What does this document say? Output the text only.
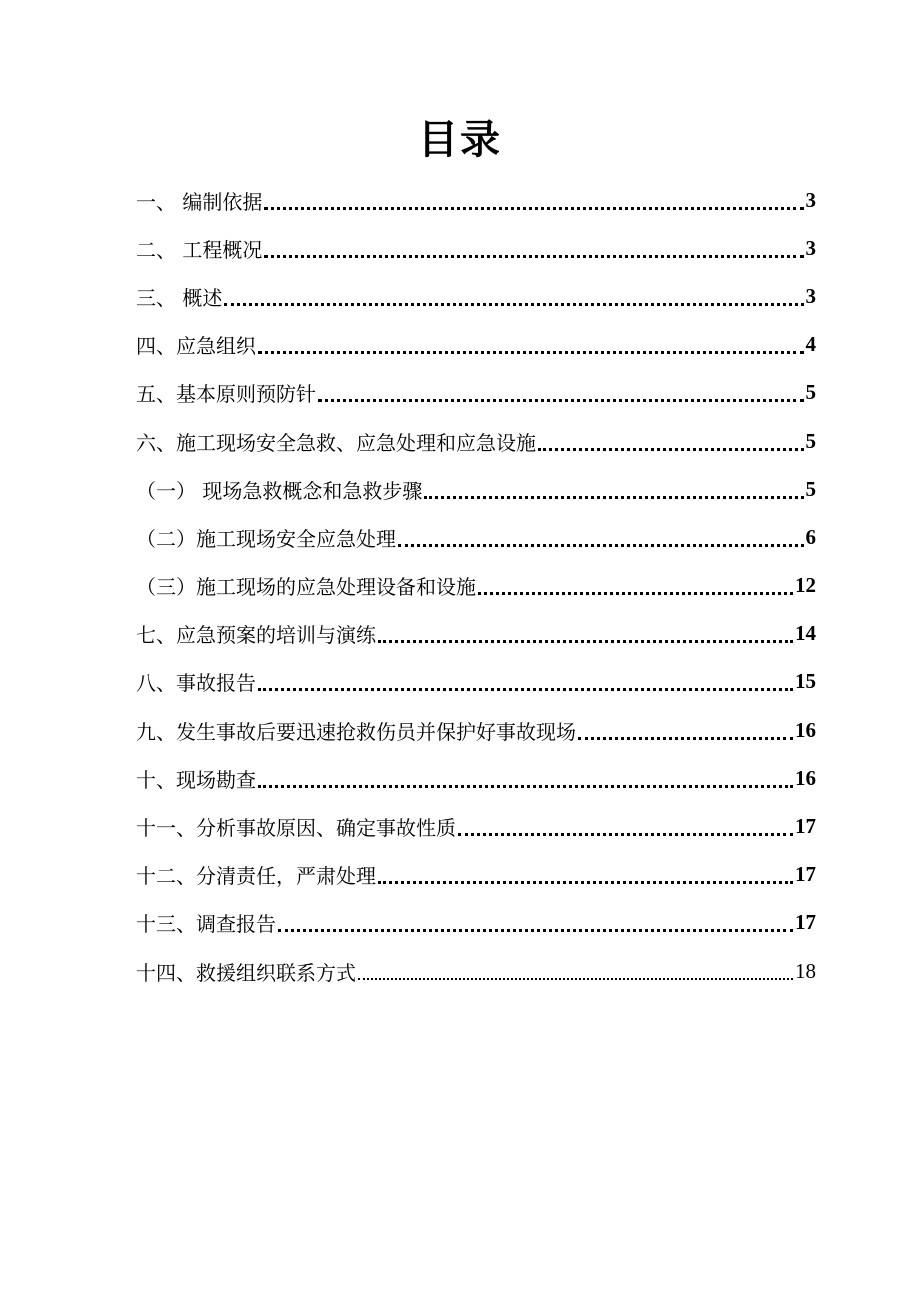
目录
一、 编制依据	3
二、 工程概况	3
三、 概述	3
四、应急组织	4
五、基本原则预防针	5
六、施工现场安全急救、应急处理和应急设施	5
（一） 现场急救概念和急救步骤	5
（二）施工现场安全应急处理	6
（三）施工现场的应急处理设备和设施	12
七、应急预案的培训与演练	14
八、事故报告	15
九、发生事故后要迅速抢救伤员并保护好事故现场	16
十、现场勘查	16
十一、分析事故原因、确定事故性质	17
十二、分清责任，严肃处理	17
十三、调查报告	17
十四、救援组织联系方式	18
